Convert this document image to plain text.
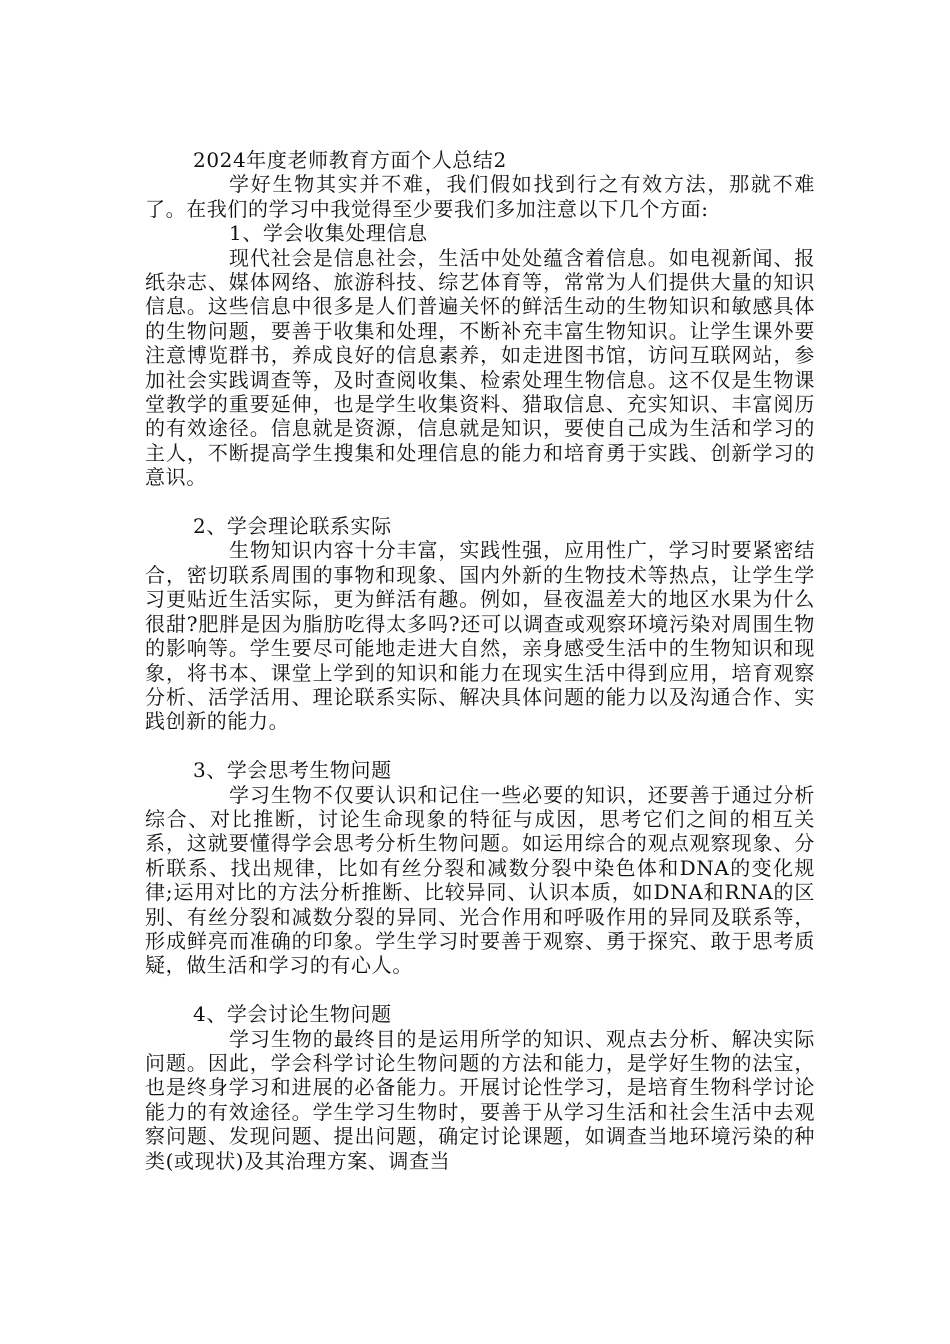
2024年度老师教育方面个人总结2

学好生物其实并不难，我们假如找到行之有效方法，那就不难了。在我们的学习中我觉得至少要我们多加注意以下几个方面:

1、学会收集处理信息

现代社会是信息社会，生活中处处蕴含着信息。如电视新闻、报纸杂志、媒体网络、旅游科技、综艺体育等，常常为人们提供大量的知识信息。这些信息中很多是人们普遍关怀的鲜活生动的生物知识和敏感具体的生物问题，要善于收集和处理，不断补充丰富生物知识。让学生课外要注意博览群书，养成良好的信息素养，如走进图书馆，访问互联网站，参加社会实践调查等，及时查阅收集、检索处理生物信息。这不仅是生物课堂教学的重要延伸，也是学生收集资料、猎取信息、充实知识、丰富阅历的有效途径。信息就是资源，信息就是知识，要使自己成为生活和学习的主人，不断提高学生搜集和处理信息的能力和培育勇于实践、创新学习的意识。

2、学会理论联系实际

生物知识内容十分丰富，实践性强，应用性广，学习时要紧密结合，密切联系周围的事物和现象、国内外新的生物技术等热点，让学生学习更贴近生活实际，更为鲜活有趣。例如，昼夜温差大的地区水果为什么很甜?肥胖是因为脂肪吃得太多吗?还可以调查或观察环境污染对周围生物的影响等。学生要尽可能地走进大自然，亲身感受生活中的生物知识和现象，将书本、课堂上学到的知识和能力在现实生活中得到应用，培育观察分析、活学活用、理论联系实际、解决具体问题的能力以及沟通合作、实践创新的能力。

3、学会思考生物问题

学习生物不仅要认识和记住一些必要的知识，还要善于通过分析综合、对比推断，讨论生命现象的特征与成因，思考它们之间的相互关系，这就要懂得学会思考分析生物问题。如运用综合的观点观察现象、分析联系、找出规律，比如有丝分裂和减数分裂中染色体和DNA的变化规律;运用对比的方法分析推断、比较异同、认识本质，如DNA和RNA的区别、有丝分裂和减数分裂的异同、光合作用和呼吸作用的异同及联系等，形成鲜亮而准确的印象。学生学习时要善于观察、勇于探究、敢于思考质疑，做生活和学习的有心人。

4、学会讨论生物问题

学习生物的最终目的是运用所学的知识、观点去分析、解决实际问题。因此，学会科学讨论生物问题的方法和能力，是学好生物的法宝，也是终身学习和进展的必备能力。开展讨论性学习，是培育生物科学讨论能力的有效途径。学生学习生物时，要善于从学习生活和社会生活中去观察问题、发现问题、提出问题，确定讨论课题，如调查当地环境污染的种类(或现状)及其治理方案、调查当
